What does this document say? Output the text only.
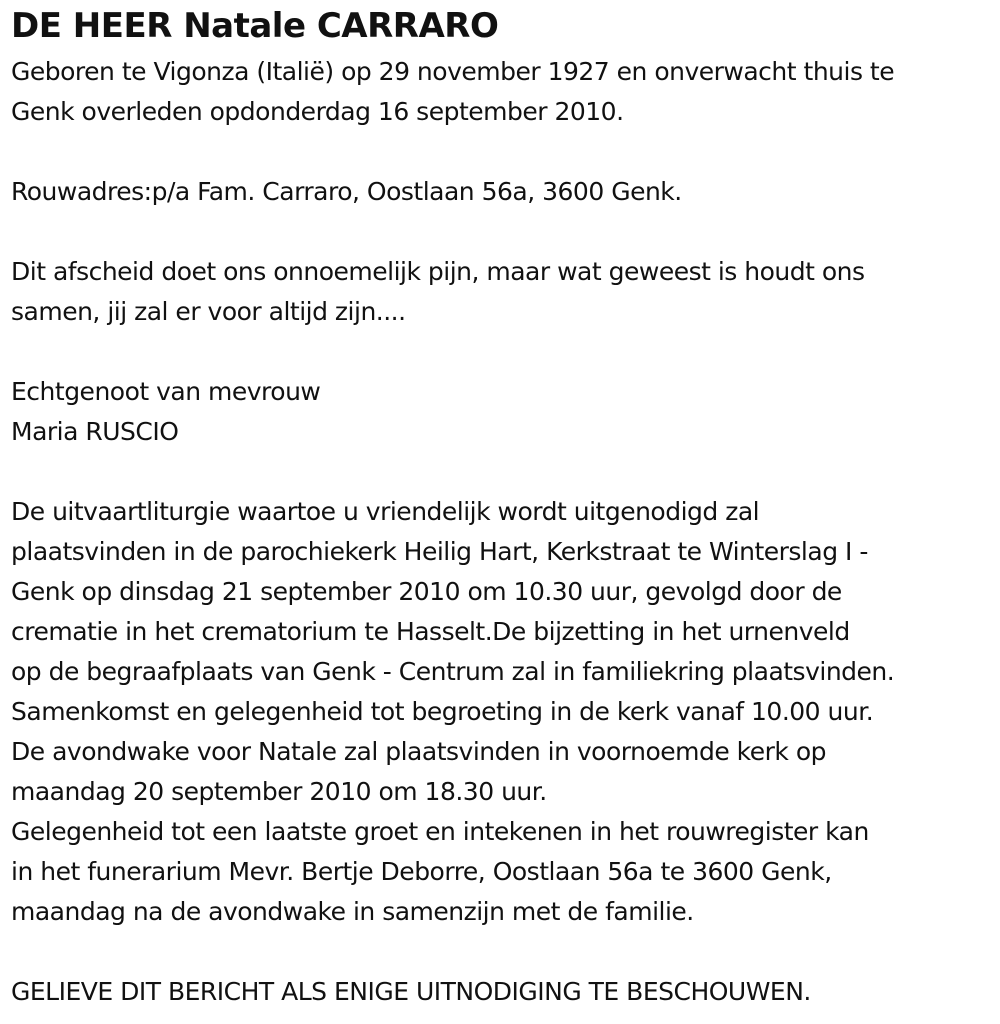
DE HEER Natale CARRARO

Geboren te Vigonza (Italië) op 29 november 1927 en onverwacht thuis te
Genk overleden opdonderdag 16 september 2010.

Rouwadres:p/a Fam. Carraro, Oostlaan 56a, 3600 Genk.

Dit afscheid doet ons onnoemelijk pijn, maar wat geweest is houdt ons
samen, jij zal er voor altijd zijn....

Echtgenoot van mevrouw
Maria RUSCIO

De uitvaartliturgie waartoe u vriendelijk wordt uitgenodigd zal
plaatsvinden in de parochiekerk Heilig Hart, Kerkstraat te Winterslag I -
Genk op dinsdag 21 september 2010 om 10.30 uur, gevolgd door de
crematie in het crematorium te Hasselt.De bijzetting in het urnenveld
op de begraafplaats van Genk - Centrum zal in familiekring plaatsvinden.
Samenkomst en gelegenheid tot begroeting in de kerk vanaf 10.00 uur.
De avondwake voor Natale zal plaatsvinden in voornoemde kerk op
maandag 20 september 2010 om 18.30 uur.
Gelegenheid tot een laatste groet en intekenen in het rouwregister kan
in het funerarium Mevr. Bertje Deborre, Oostlaan 56a te 3600 Genk,
maandag na de avondwake in samenzijn met de familie.

GELIEVE DIT BERICHT ALS ENIGE UITNODIGING TE BESCHOUWEN.
